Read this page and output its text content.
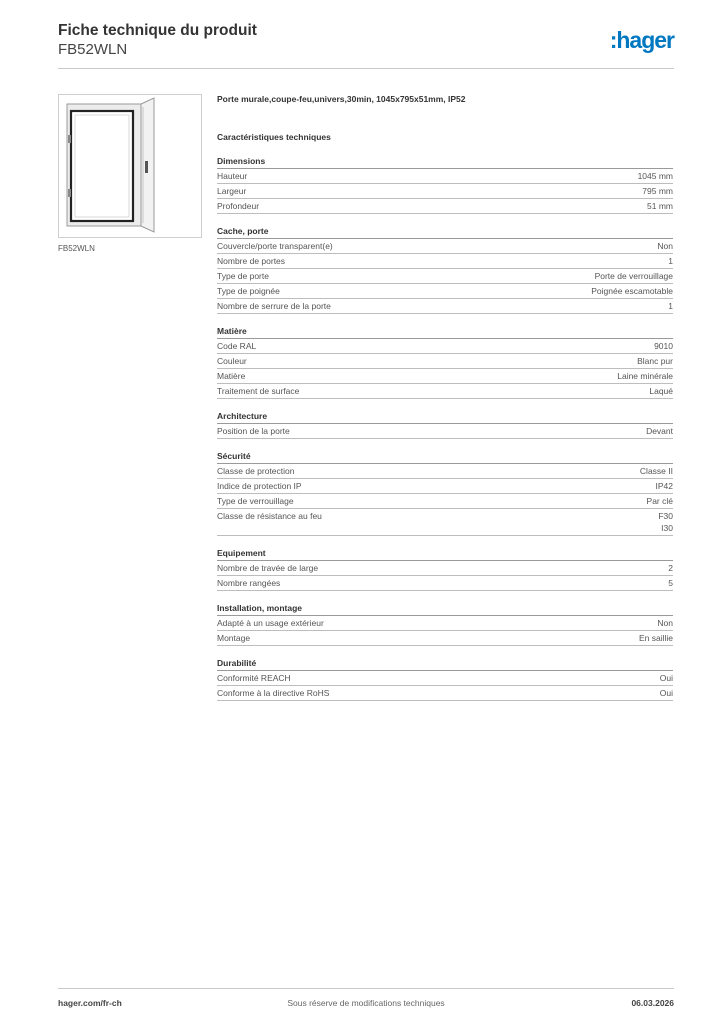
Fiche technique du produit
FB52WLN	:hager
FB52WLN
Porte murale,coupe-feu,univers,30min, 1045x795x51mm, IP52
Caractéristiques techniques
Dimensions
Hauteur	1045 mm
Largeur	795 mm
Profondeur	51 mm
Cache, porte
Couvercle/porte transparent(e)	Non
Nombre de portes	1
Type de porte	Porte de verrouillage
Type de poignée	Poignée escamotable
Nombre de serrure de la porte	1
Matière
Code RAL	9010
Couleur	Blanc pur
Matière	Laine minérale
Traitement de surface	Laqué
Architecture
Position de la porte	Devant
Sécurité
Classe de protection	Classe II
Indice de protection IP	IP42
Type de verrouillage	Par clé
Classe de résistance au feu	F30
I30
Equipement
Nombre de travée de large	2
Nombre rangées	5
Installation, montage
Adapté à un usage extérieur	Non
Montage	En saillie
Durabilité
Conformité REACH	Oui
Conforme à la directive RoHS	Oui
Sous réserve de modifications techniques
hager.com/fr-ch	06.03.2026
